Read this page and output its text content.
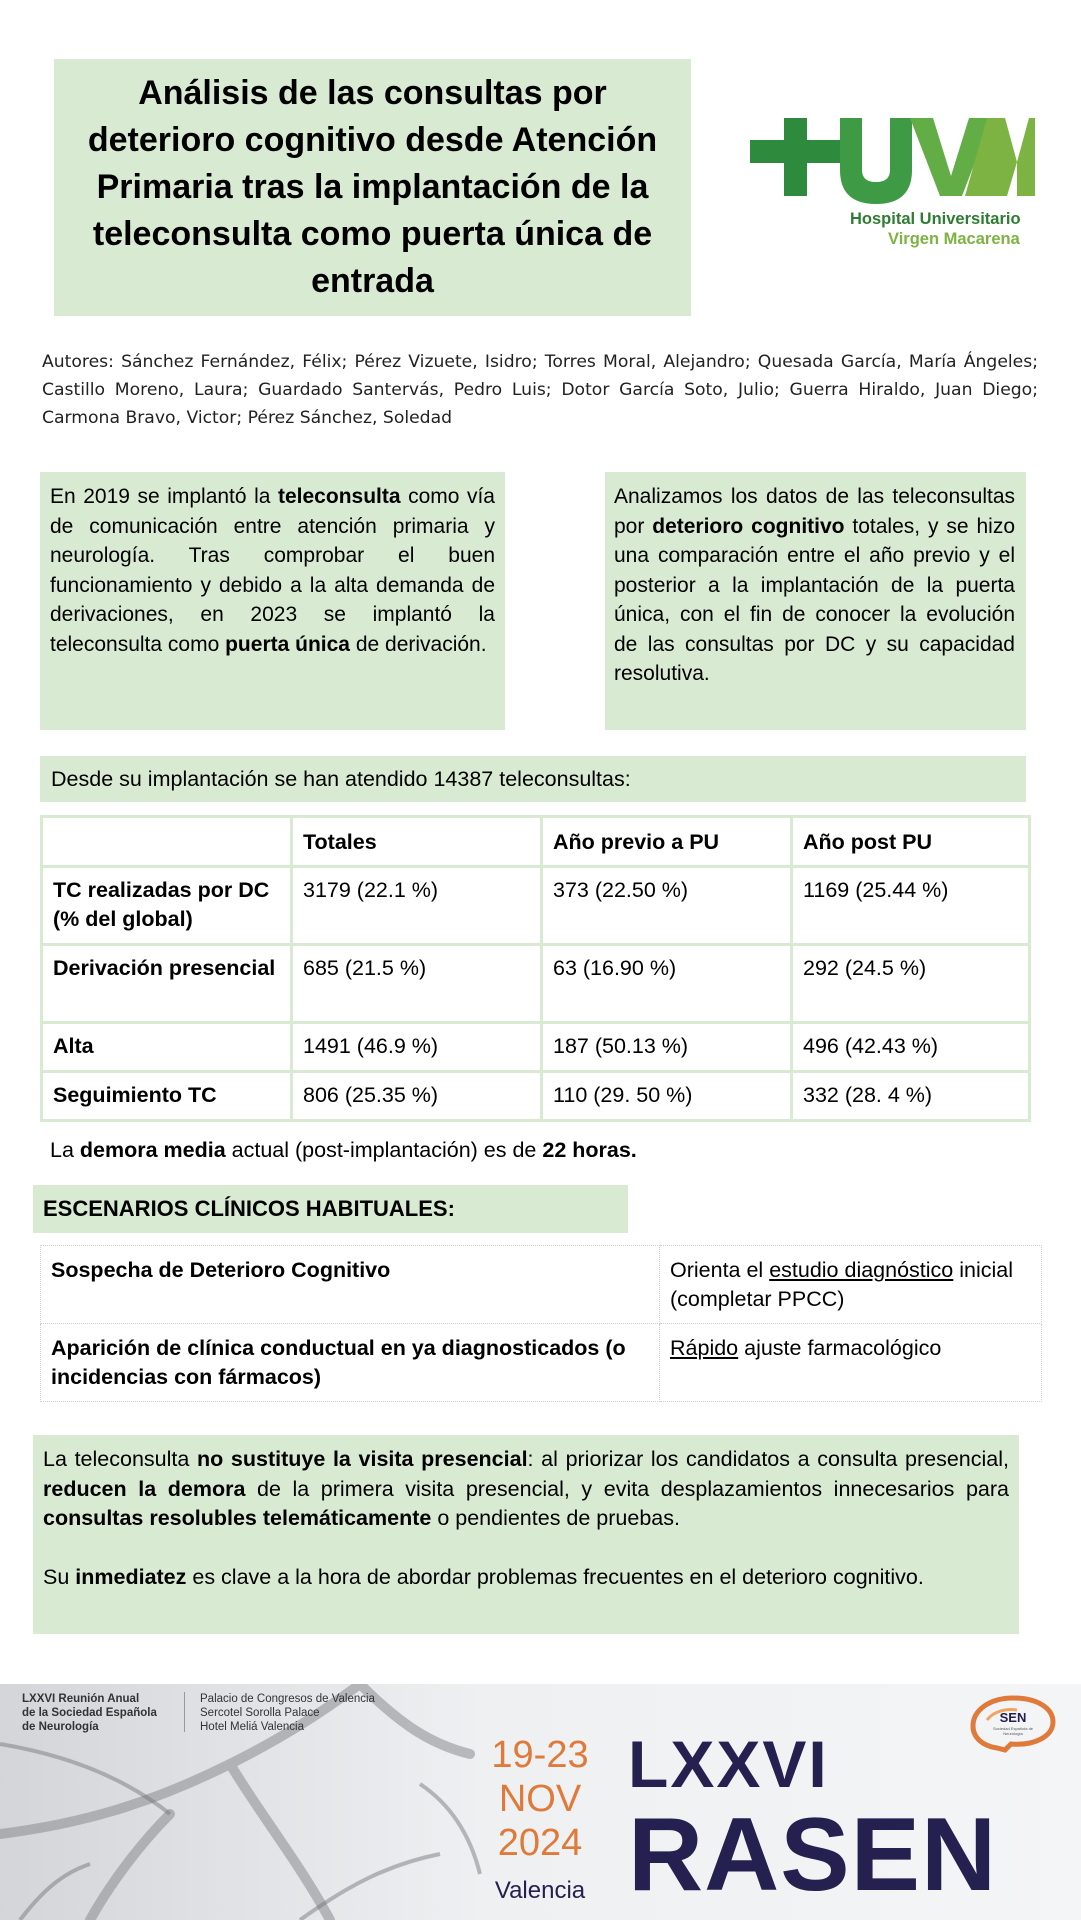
Análisis de las consultas por deterioro cognitivo desde Atención Primaria tras la implantación de la teleconsulta como puerta única de entrada
Hospital Universitario
Virgen Macarena
Autores: Sánchez Fernández, Félix; Pérez Vizuete, Isidro; Torres Moral, Alejandro; Quesada García, María Ángeles; Castillo Moreno, Laura; Guardado Santervás, Pedro Luis; Dotor García Soto, Julio; Guerra Hiraldo, Juan Diego; Carmona Bravo, Victor; Pérez Sánchez, Soledad
En 2019 se implantó la teleconsulta como vía de comunicación entre atención primaria y neurología. Tras comprobar el buen funcionamiento y debido a la alta demanda de derivaciones, en 2023 se implantó la teleconsulta como puerta única de derivación.
Analizamos los datos de las teleconsultas por deterioro cognitivo totales, y se hizo una comparación entre el año previo y el posterior a la implantación de la puerta única, con el fin de conocer la evolución de las consultas por DC y su capacidad resolutiva.
Desde su implantación se han atendido 14387 teleconsultas:
	Totales	Año previo a PU	Año post PU
TC realizadas por DC (% del global)	3179 (22.1 %)	373 (22.50 %)	1169 (25.44 %)
Derivación presencial	685 (21.5 %)	63 (16.90 %)	292 (24.5 %)
Alta	1491 (46.9 %)	187 (50.13 %)	496 (42.43 %)
Seguimiento TC	806 (25.35 %)	110 (29. 50 %)	332 (28. 4 %)
La demora media actual (post-implantación) es de 22 horas.
ESCENARIOS CLÍNICOS HABITUALES:
Sospecha de Deterioro Cognitivo	Orienta el estudio diagnóstico inicial (completar PPCC)
Aparición de clínica conductual en ya diagnosticados (o incidencias con fármacos)	Rápido ajuste farmacológico

La teleconsulta no sustituye la visita presencial: al priorizar los candidatos a consulta presencial, reducen la demora de la primera visita presencial, y evita desplazamientos innecesarios para consultas resolubles telemáticamente o pendientes de pruebas.

Su inmediatez es clave a la hora de abordar problemas frecuentes en el deterioro cognitivo.

LXXVI Reunión Anual
de la Sociedad Española
de Neurología
Palacio de Congresos de Valencia
Sercotel Sorolla Palace
Hotel Meliá Valencia
19-23
NOV
2024
Valencia
LXXVI
RASEN
SEN
Sociedad Española de Neurología
